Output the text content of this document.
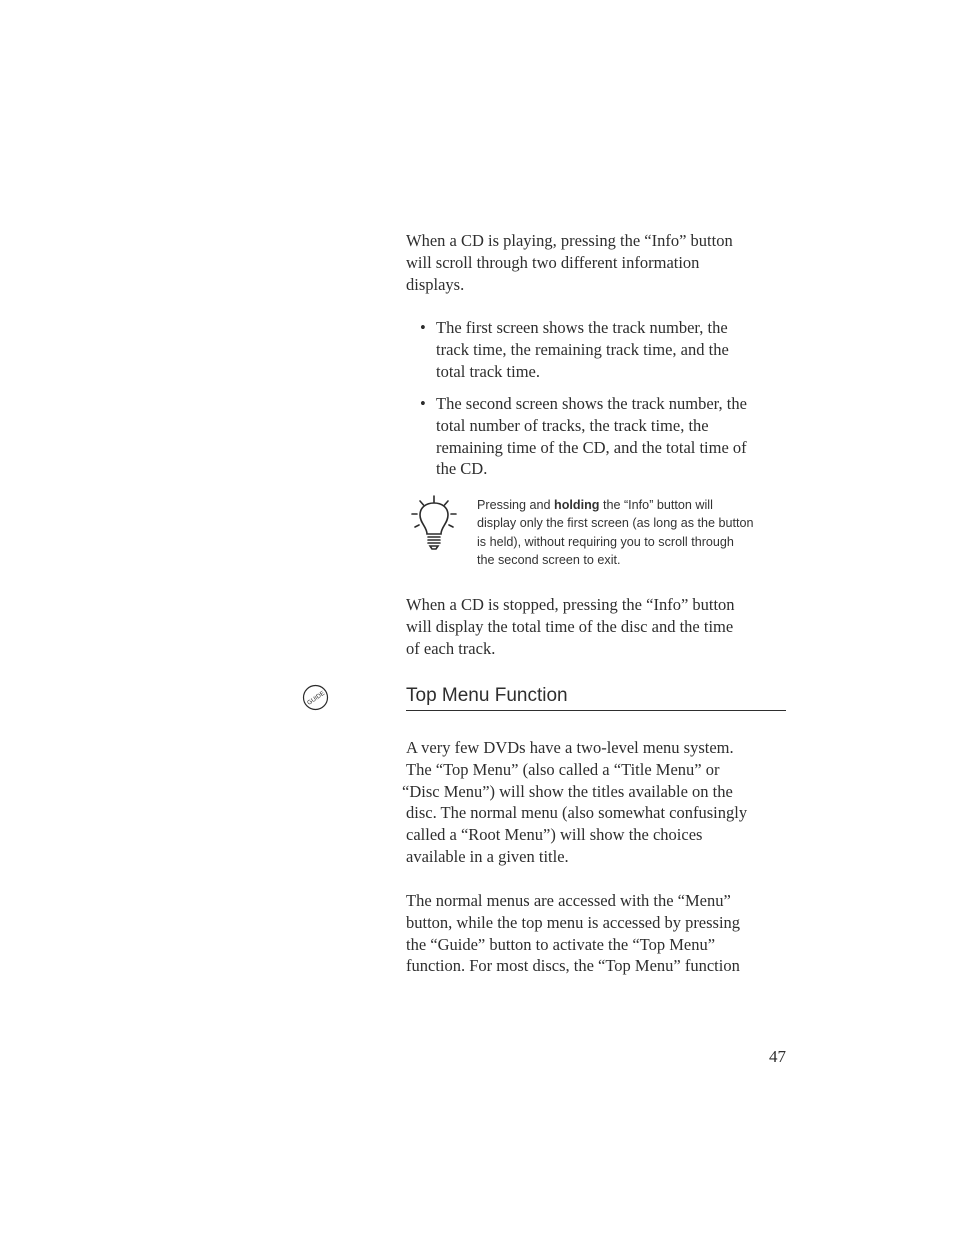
When a CD is playing, pressing the “Info” button
will scroll through two different information
displays.
• The first screen shows the track number, the
track time, the remaining track time, and the
total track time.
• The second screen shows the track number, the
total number of tracks, the track time, the
remaining time of the CD, and the total time of
the CD.
Pressing and holding the “Info” button will
display only the first screen (as long as the button
is held), without requiring you to scroll through
the second screen to exit.
When a CD is stopped, pressing the “Info” button
will display the total time of the disc and the time
of each track.
GUIDE	Top Menu Function
A very few DVDs have a two-level menu system.
The “Top Menu” (also called a “Title Menu” or
“Disc Menu”) will show the titles available on the
disc. The normal menu (also somewhat confusingly
called a “Root Menu”) will show the choices
available in a given title.
The normal menus are accessed with the “Menu”
button, while the top menu is accessed by pressing
the “Guide” button to activate the “Top Menu”
function. For most discs, the “Top Menu” function
47
